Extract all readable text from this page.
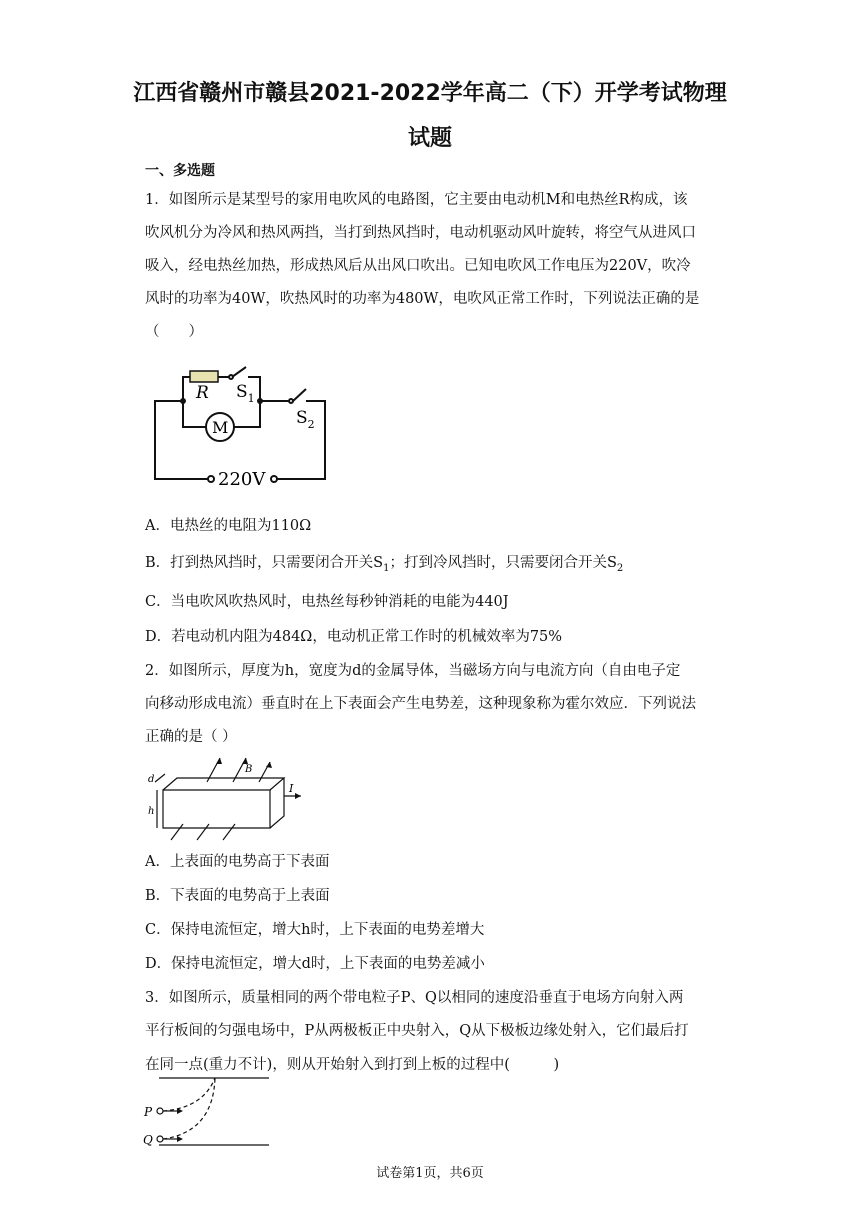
江西省赣州市赣县2021-2022学年高二（下）开学考试物理
试题
一、多选题
1．如图所示是某型号的家用电吹风的电路图，它主要由电动机M和电热丝R构成，该
吹风机分为冷风和热风两挡，当打到热风挡时，电动机驱动风叶旋转，将空气从进风口
吸入，经电热丝加热，形成热风后从出风口吹出。已知电吹风工作电压为220V，吹冷
风时的功率为40W，吹热风时的功率为480W，电吹风正常工作时，下列说法正确的是
（　　）
R $S_1$
M	$S_2$
220V
A．电热丝的电阻为110Ω
B．打到热风挡时，只需要闭合开关$S_1$；打到冷风挡时，只需要闭合开关$S_2$
C．当电吹风吹热风时，电热丝每秒钟消耗的电能为440J
D．若电动机内阻为484Ω，电动机正常工作时的机械效率为75%
2．如图所示，厚度为h，宽度为d的金属导体，当磁场方向与电流方向（自由电子定
向移动形成电流）垂直时在上下表面会产生电势差，这种现象称为霍尔效应．下列说法
正确的是（ ）
d
h
B
I
A．上表面的电势高于下表面
B．下表面的电势高于上表面
C．保持电流恒定，增大h时，上下表面的电势差增大
D．保持电流恒定，增大d时，上下表面的电势差减小
3．如图所示，质量相同的两个带电粒子P、Q以相同的速度沿垂直于电场方向射入两
平行板间的匀强电场中，P从两极板正中央射入，Q从下极板边缘处射入，它们最后打
在同一点(重力不计)，则从开始射入到打到上板的过程中(　　　)
P
Q
试卷第1页，共6页
